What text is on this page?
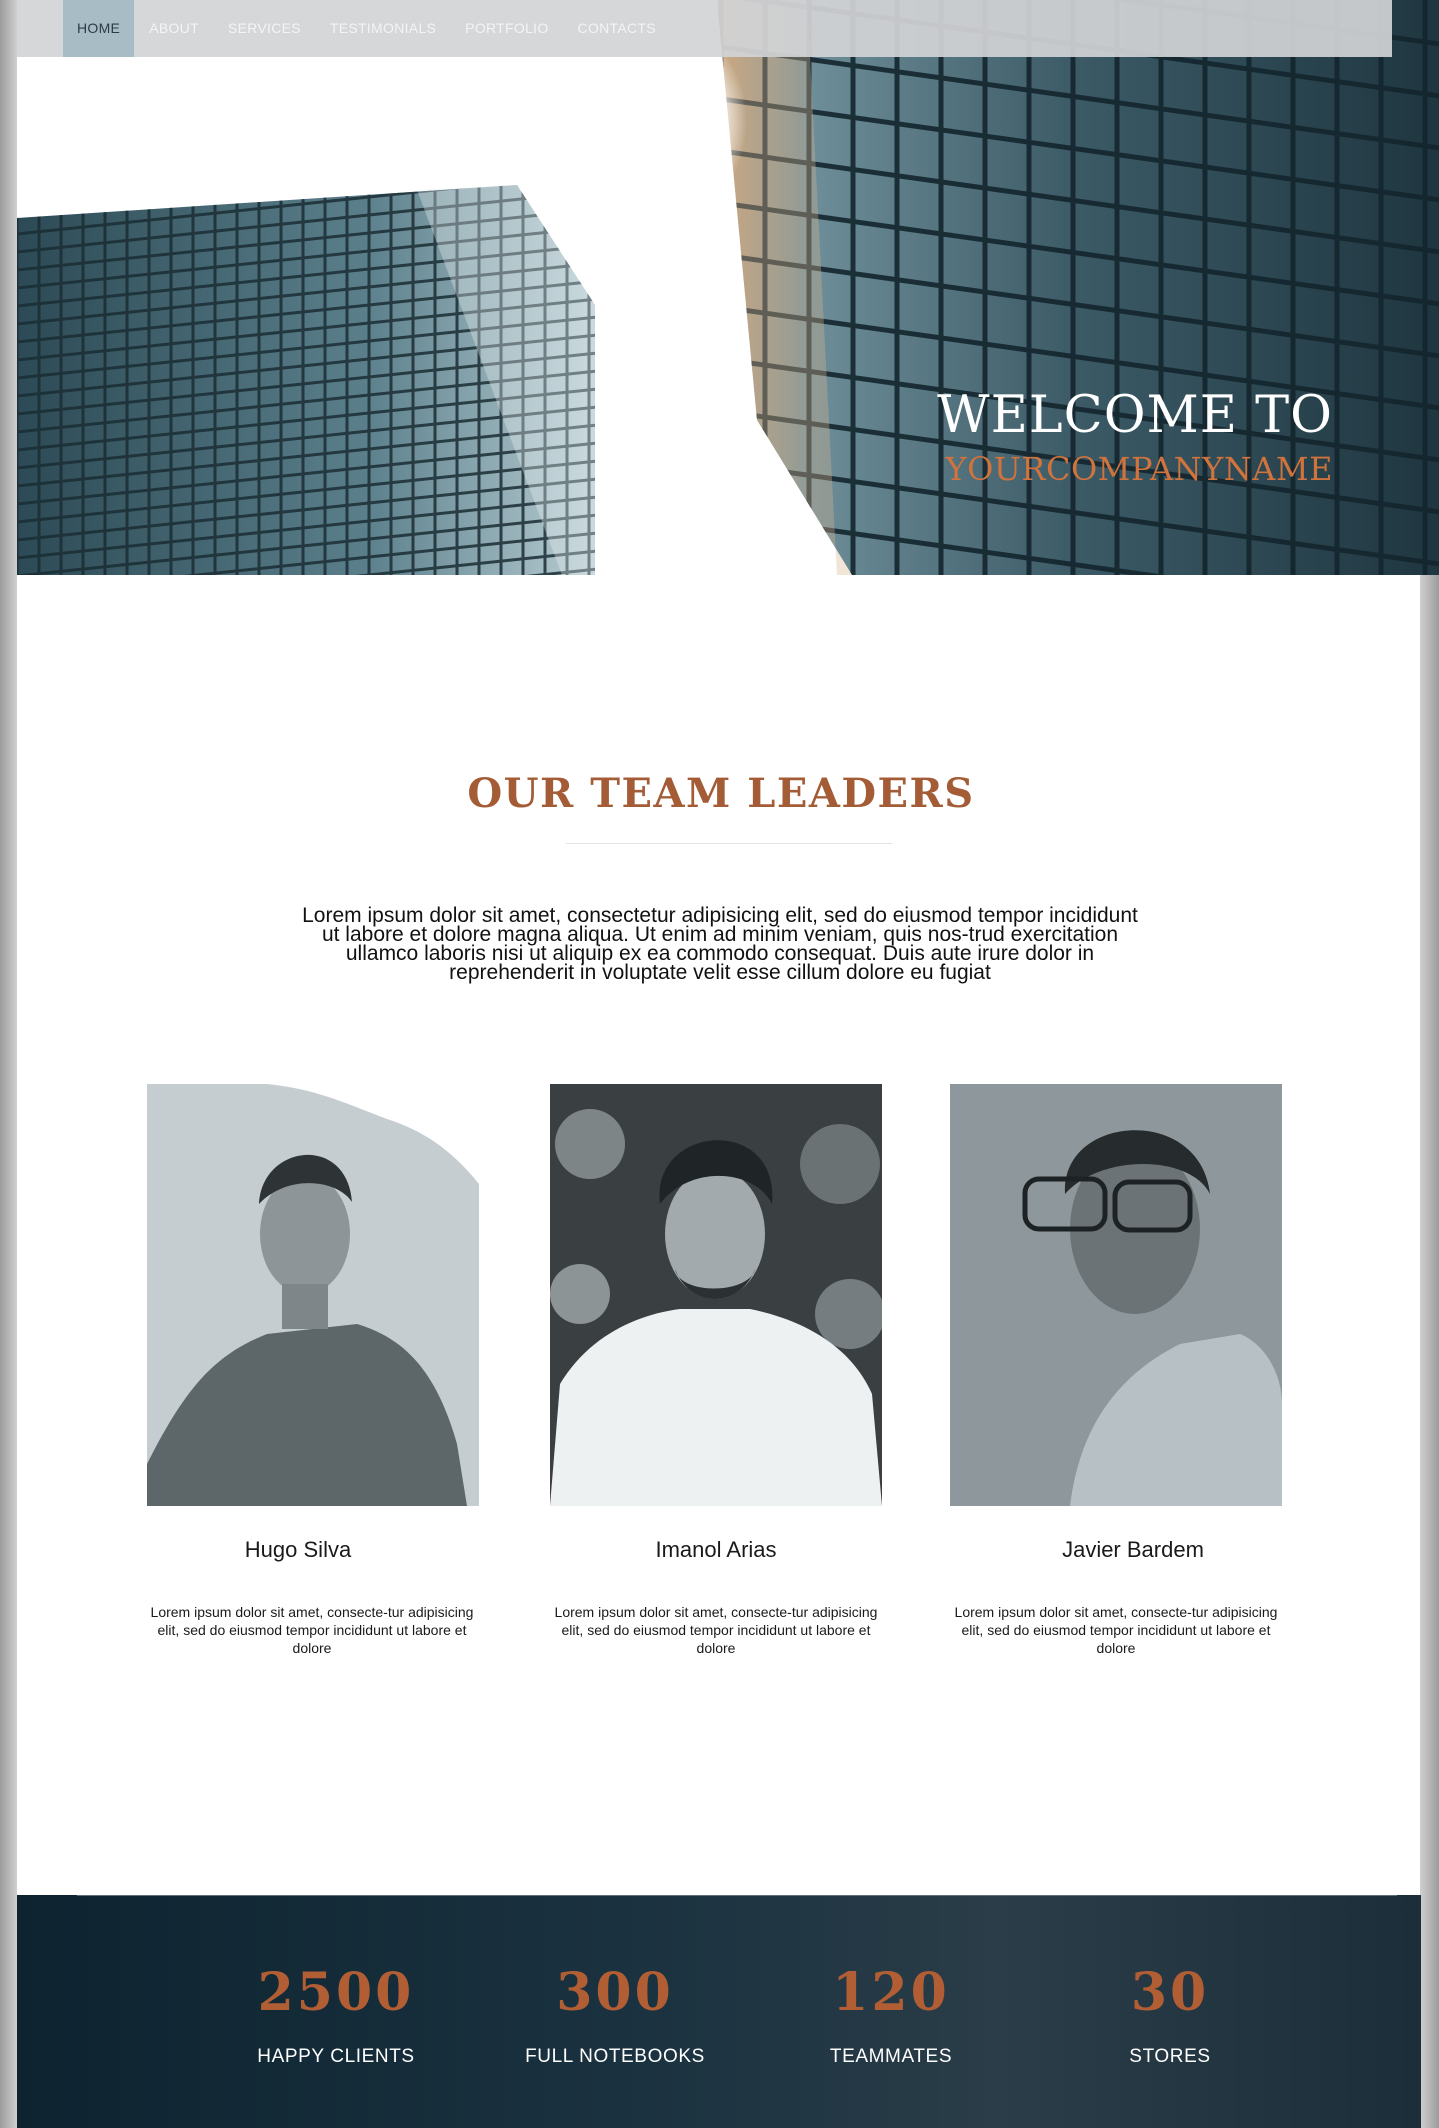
WELCOME TO
YOURCOMPANYNAME
HOME	ABOUT	SERVICES	TESTIMONIALS	PORTFOLIO	CONTACTS
OUR TEAM LEADERS

Lorem ipsum dolor sit amet, consectetur adipisicing elit, sed do eiusmod tempor incididunt ut labore et dolore magna aliqua. Ut enim ad minim veniam, quis nos-trud exercitation ullamco laboris nisi ut aliquip ex ea commodo consequat. Duis aute irure dolor in reprehenderit in voluptate velit esse cillum dolore eu fugiat

Hugo Silva
Lorem ipsum dolor sit amet, consecte-tur adipisicing elit, sed do eiusmod tempor incididunt ut labore et dolore
Imanol Arias
Lorem ipsum dolor sit amet, consecte-tur adipisicing elit, sed do eiusmod tempor incididunt ut labore et dolore
Javier Bardem
Lorem ipsum dolor sit amet, consecte-tur adipisicing elit, sed do eiusmod tempor incididunt ut labore et dolore
2500
HAPPY CLIENTS
300
FULL NOTEBOOKS
120
TEAMMATES
30
STORES
